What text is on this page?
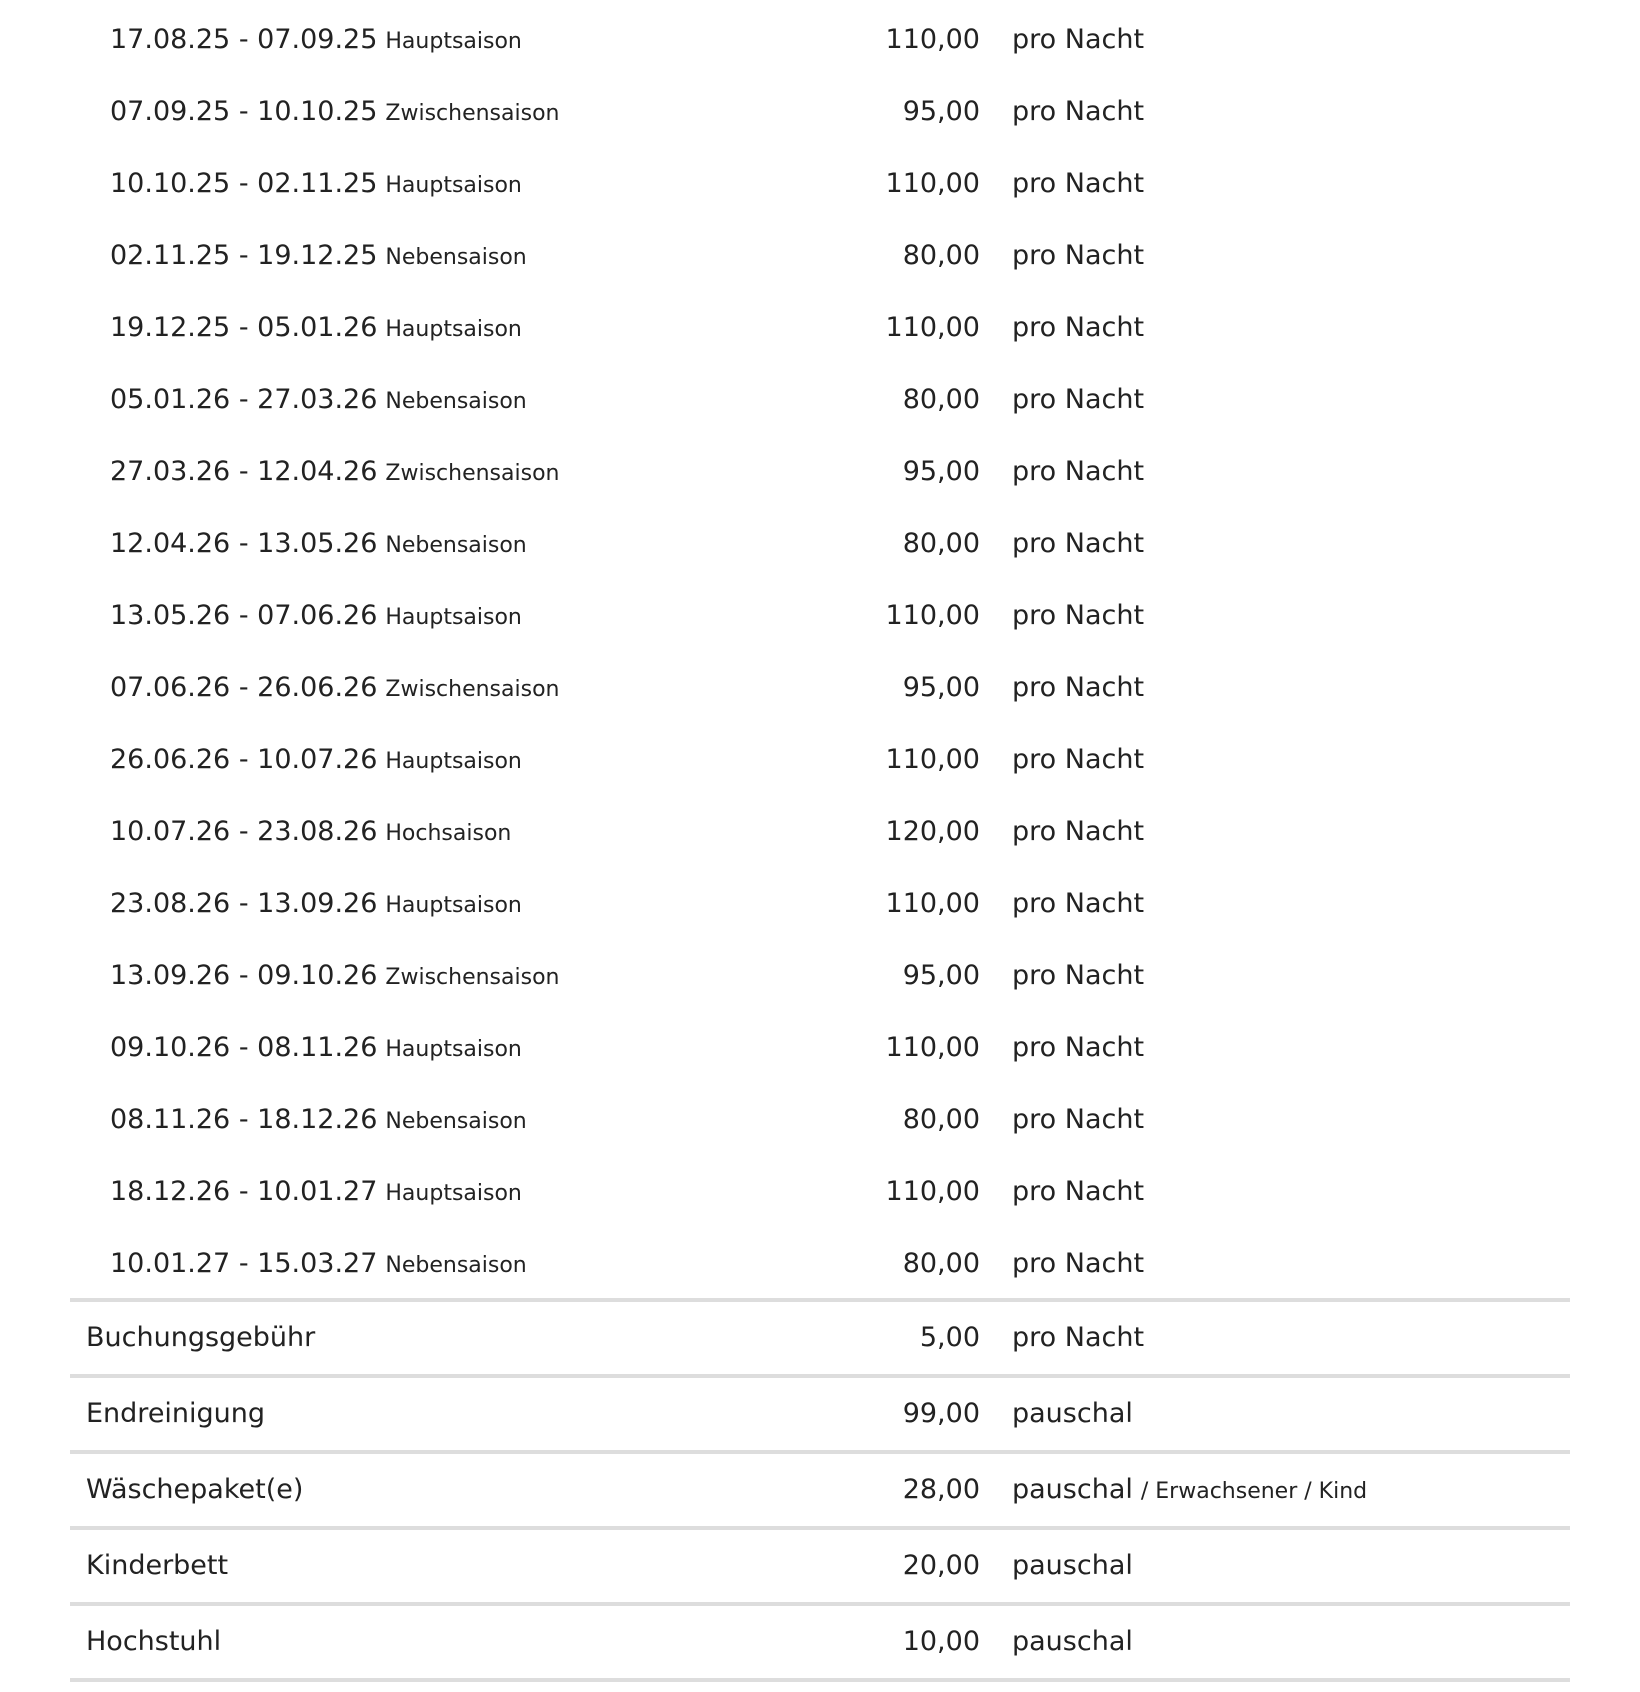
17.08.25 - 07.09.25 Hauptsaison	110,00 pro Nacht
07.09.25 - 10.10.25 Zwischensaison	95,00 pro Nacht
10.10.25 - 02.11.25 Hauptsaison	110,00 pro Nacht
02.11.25 - 19.12.25 Nebensaison	80,00 pro Nacht
19.12.25 - 05.01.26 Hauptsaison	110,00 pro Nacht
05.01.26 - 27.03.26 Nebensaison	80,00 pro Nacht
27.03.26 - 12.04.26 Zwischensaison	95,00 pro Nacht
12.04.26 - 13.05.26 Nebensaison	80,00 pro Nacht
13.05.26 - 07.06.26 Hauptsaison	110,00 pro Nacht
07.06.26 - 26.06.26 Zwischensaison	95,00 pro Nacht
26.06.26 - 10.07.26 Hauptsaison	110,00 pro Nacht
10.07.26 - 23.08.26 Hochsaison	120,00 pro Nacht
23.08.26 - 13.09.26 Hauptsaison	110,00 pro Nacht
13.09.26 - 09.10.26 Zwischensaison	95,00 pro Nacht
09.10.26 - 08.11.26 Hauptsaison	110,00 pro Nacht
08.11.26 - 18.12.26 Nebensaison	80,00 pro Nacht
18.12.26 - 10.01.27 Hauptsaison	110,00 pro Nacht
10.01.27 - 15.03.27 Nebensaison	80,00 pro Nacht
Buchungsgebühr	5,00 pro Nacht
Endreinigung	99,00 pauschal
Wäschepaket(e)	28,00 pauschal / Erwachsener / Kind
Kinderbett	20,00 pauschal
Hochstuhl	10,00 pauschal
